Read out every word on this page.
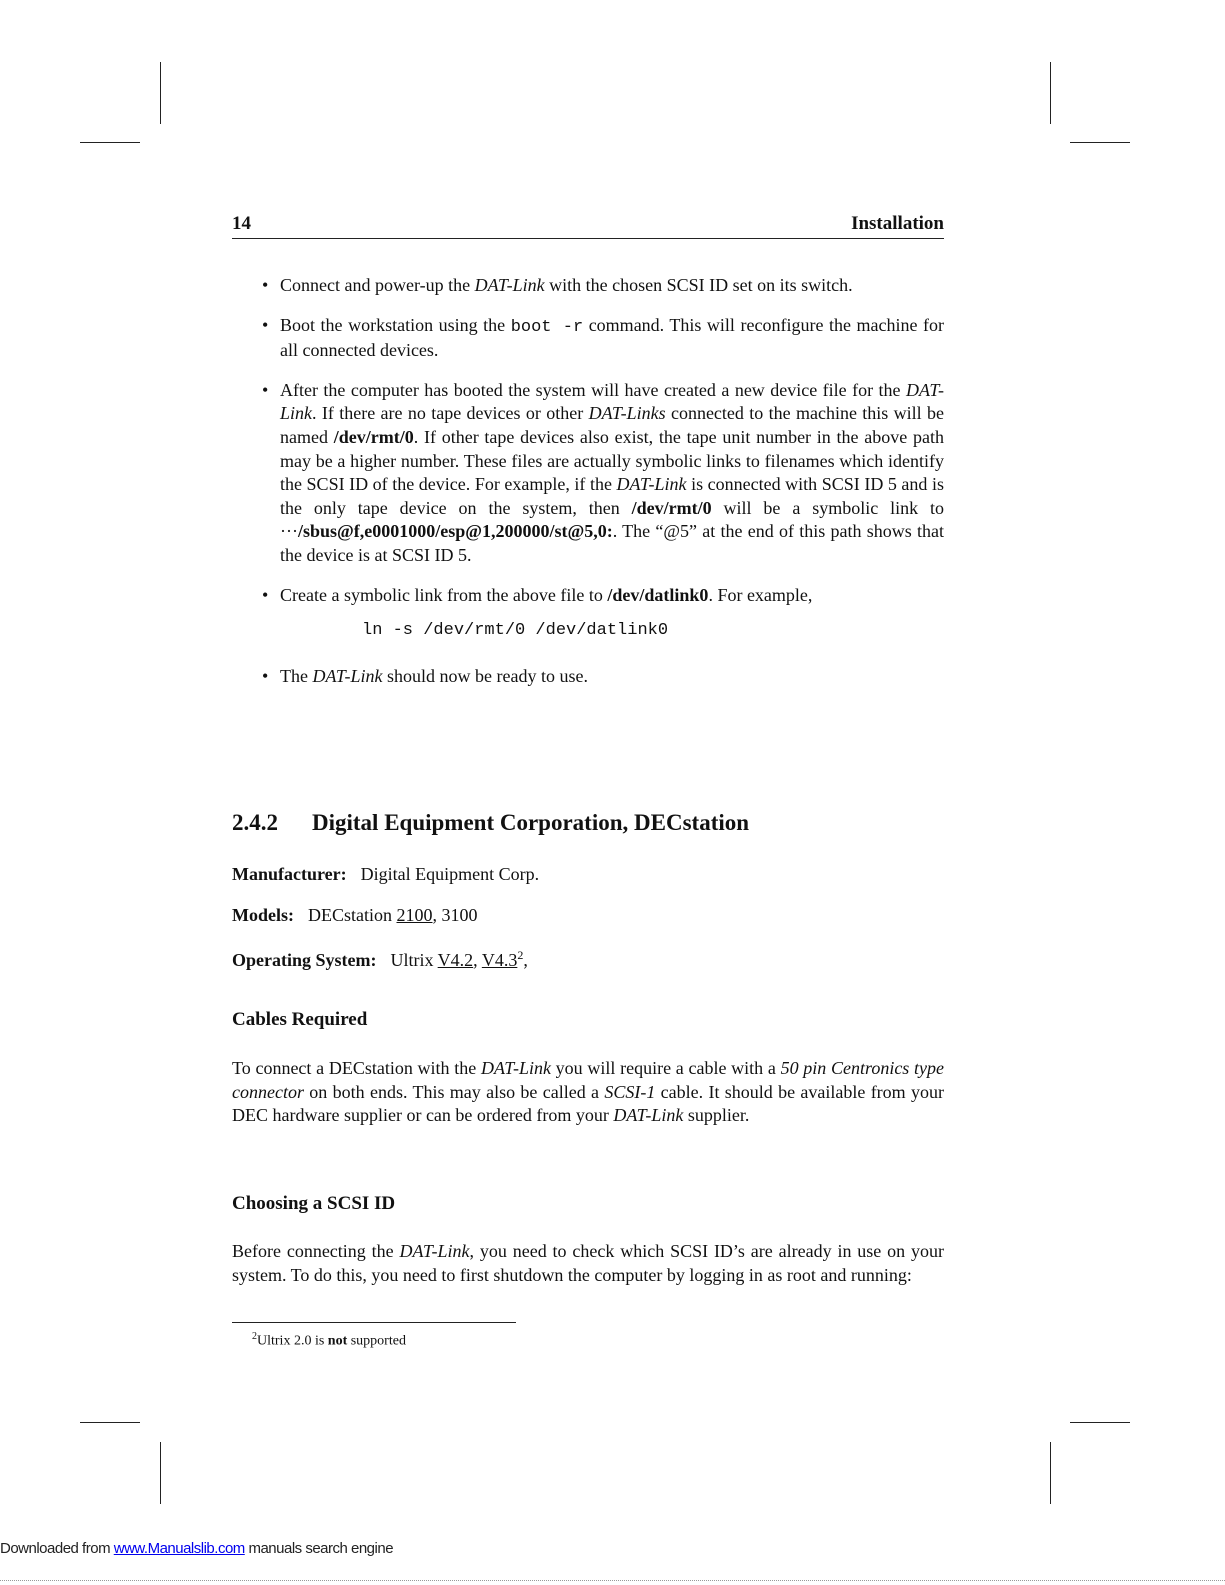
14	Installation
• Connect and power-up the DAT-Link with the chosen SCSI ID set on its switch.
• Boot the workstation using the boot -r command. This will reconfigure the machine for all connected devices.
• After the computer has booted the system will have created a new device file for the DAT-Link. If there are no tape devices or other DAT-Links connected to the machine this will be named /dev/rmt/0. If other tape devices also exist, the tape unit number in the above path may be a higher number. These files are actually symbolic links to filenames which identify the SCSI ID of the device. For example, if the DAT-Link is connected with SCSI ID 5 and is the only tape device on the system, then /dev/rmt/0 will be a symbolic link to ···/sbus@f,e0001000/esp@1,200000/st@5,0:. The “@5” at the end of this path shows that the device is at SCSI ID 5.
• Create a symbolic link from the above file to /dev/datlink0. For example,
ln -s /dev/rmt/0 /dev/datlink0
• The DAT-Link should now be ready to use.
2.4.2 Digital Equipment Corporation, DECstation
Manufacturer: Digital Equipment Corp.
Models: DECstation 2100, 3100
Operating System: Ultrix V4.2, $V4.3^2$,
Cables Required
To connect a DECstation with the DAT-Link you will require a cable with a 50 pin Centronics type connector on both ends. This may also be called a SCSI-1 cable. It should be available from your DEC hardware supplier or can be ordered from your DAT-Link supplier.
Choosing a SCSI ID
Before connecting the DAT-Link, you need to check which SCSI ID’s are already in use on your system. To do this, you need to first shutdown the computer by logging in as root and running:
$^2$Ultrix 2.0 is not supported
Downloaded from www.Manualslib.com manuals search engine
